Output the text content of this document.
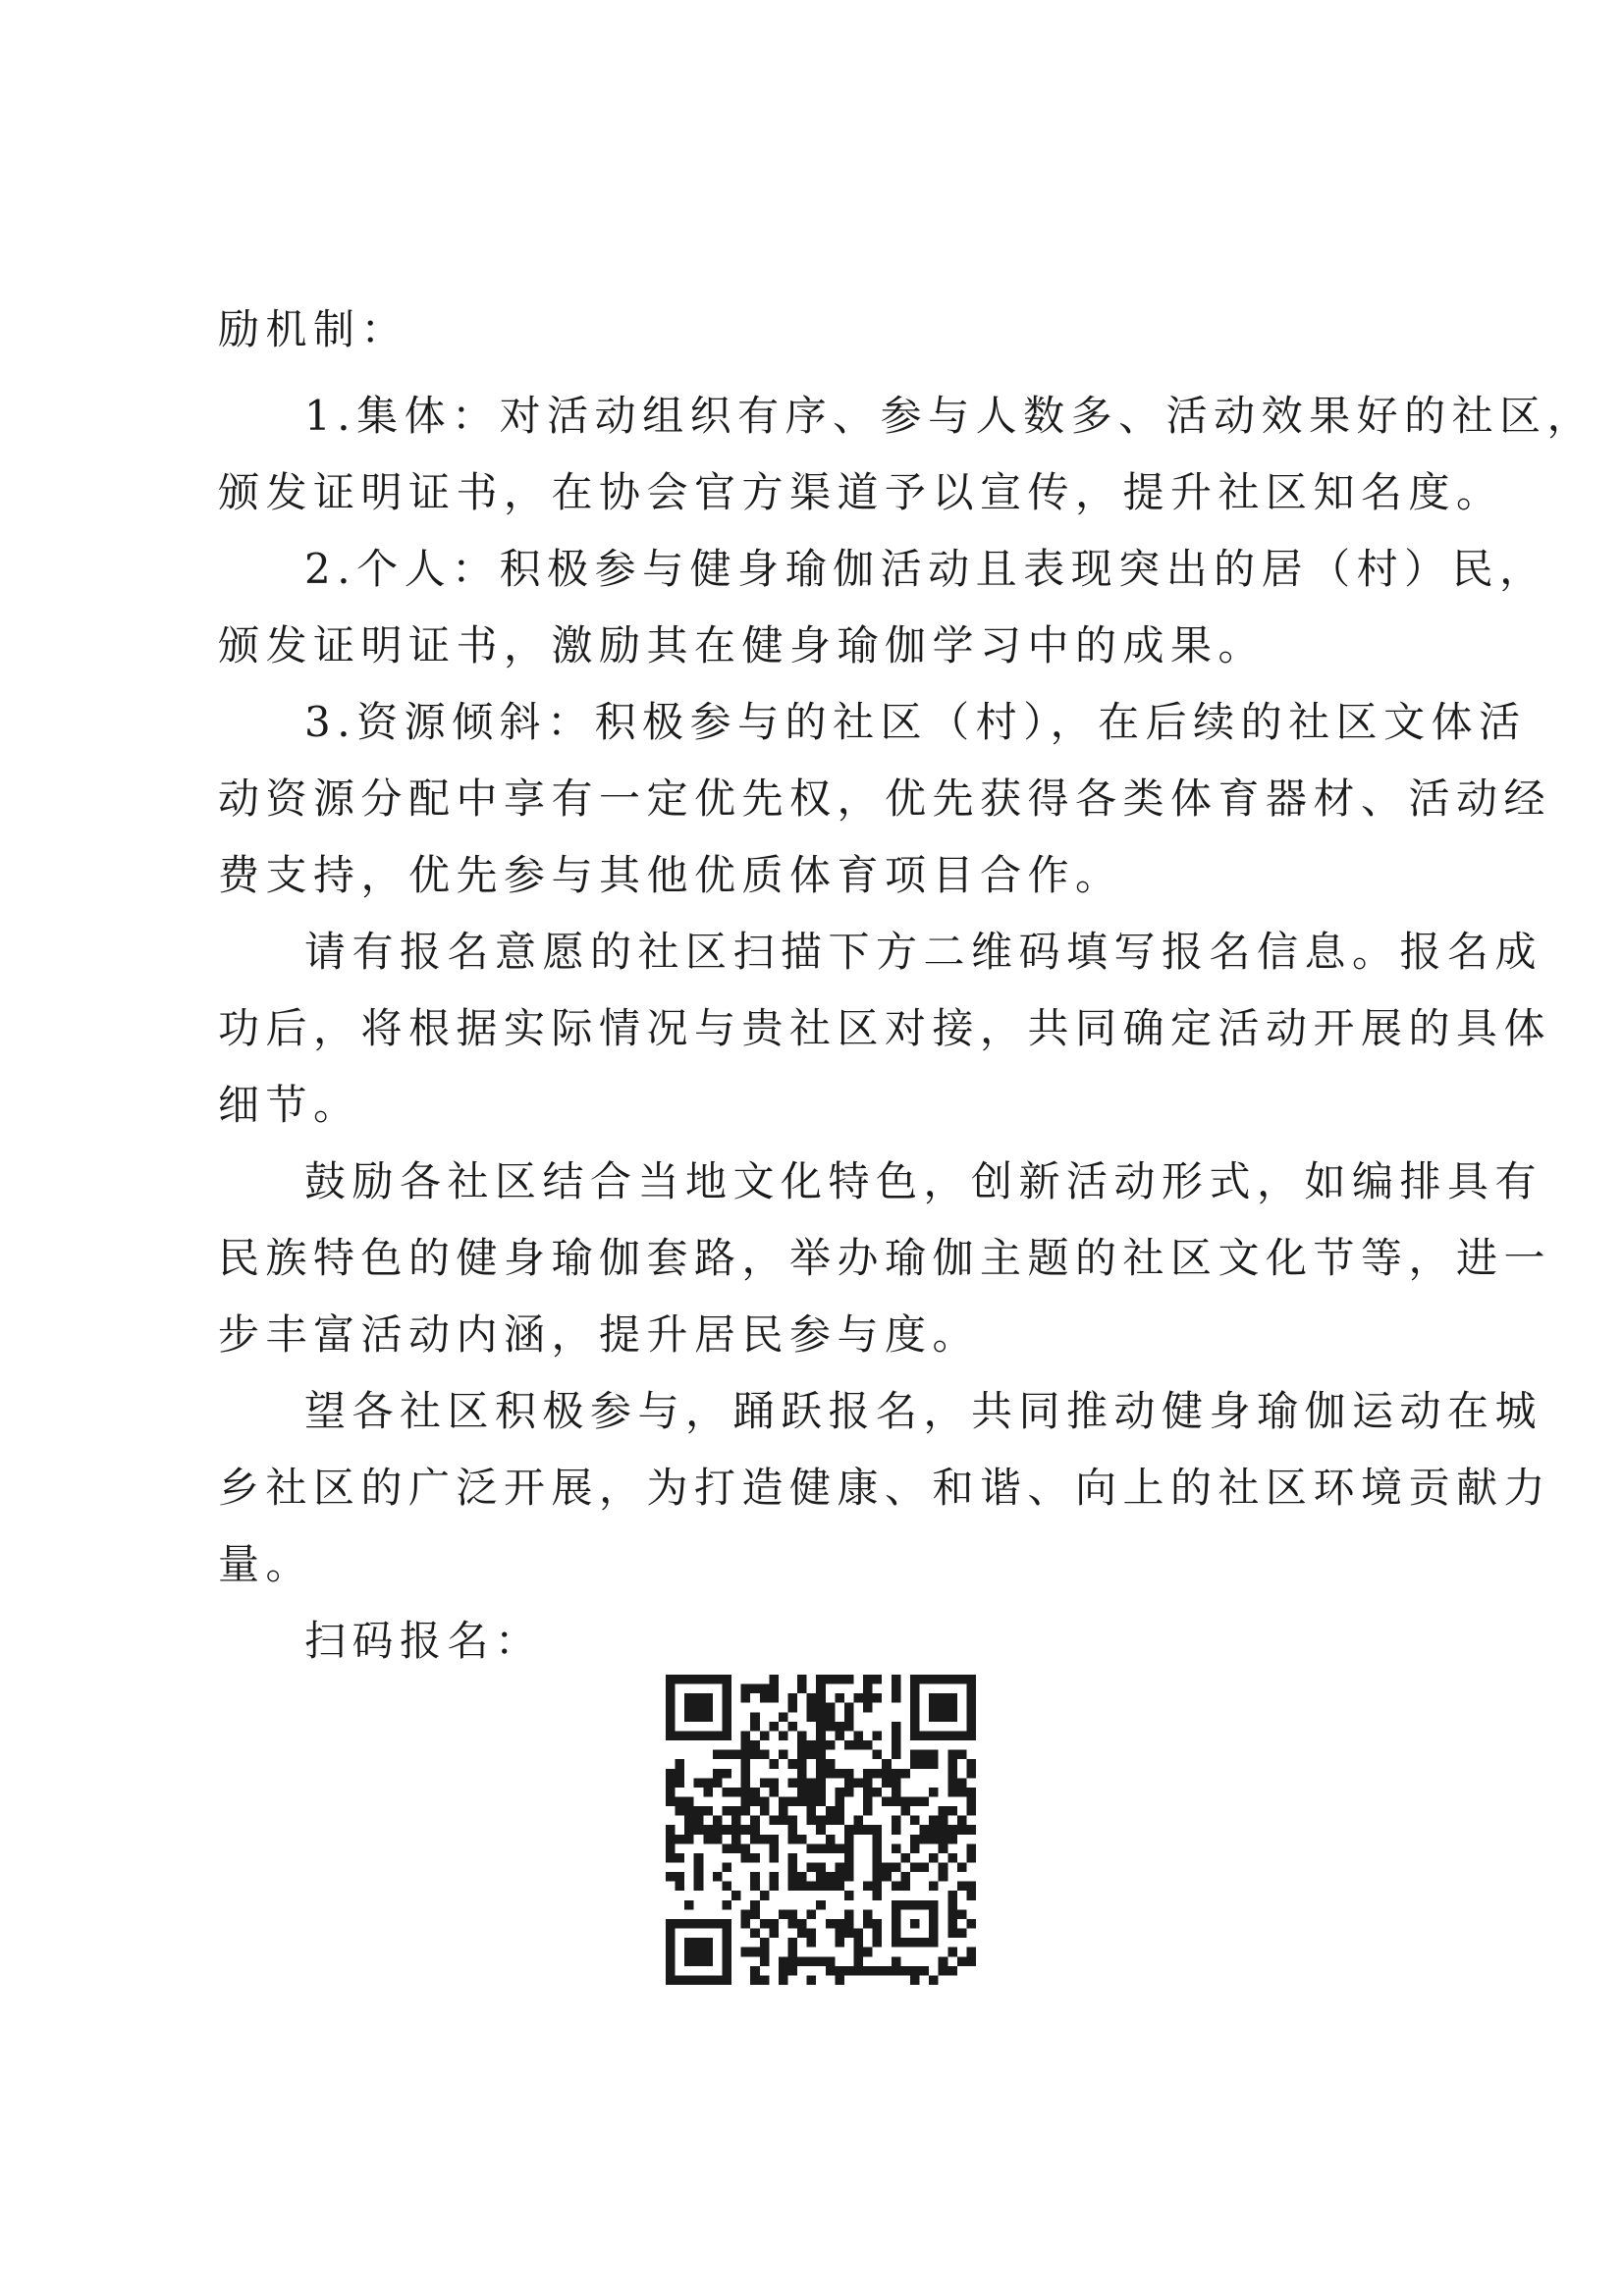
励机制：
1.集体：对活动组织有序、参与人数多、活动效果好的社区，
颁发证明证书，在协会官方渠道予以宣传，提升社区知名度。
2.个人：积极参与健身瑜伽活动且表现突出的居（村）民，
颁发证明证书，激励其在健身瑜伽学习中的成果。
3.资源倾斜：积极参与的社区（村），在后续的社区文体活
动资源分配中享有一定优先权，优先获得各类体育器材、活动经
费支持，优先参与其他优质体育项目合作。
请有报名意愿的社区扫描下方二维码填写报名信息。报名成
功后，将根据实际情况与贵社区对接，共同确定活动开展的具体
细节。
鼓励各社区结合当地文化特色，创新活动形式，如编排具有
民族特色的健身瑜伽套路，举办瑜伽主题的社区文化节等，进一
步丰富活动内涵，提升居民参与度。
望各社区积极参与，踊跃报名，共同推动健身瑜伽运动在城
乡社区的广泛开展，为打造健康、和谐、向上的社区环境贡献力
量。
扫码报名：
